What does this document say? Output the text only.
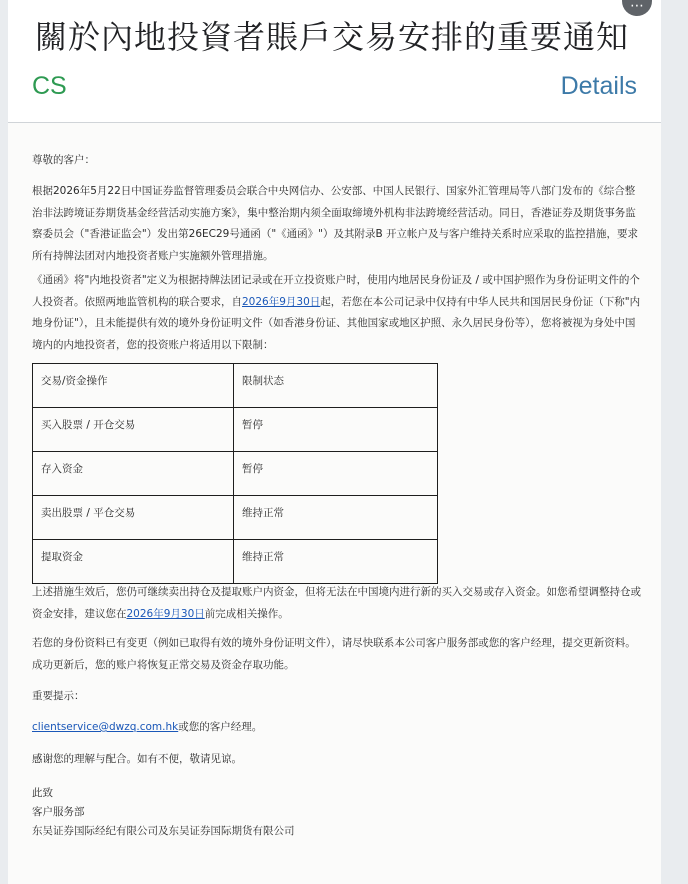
關於內地投資者賬戶交易安排的重要通知
CS	Details
⋯
尊敬的客户：
根据2026年5月22日中国证券监督管理委员会联合中央网信办、公安部、中国人民银行、国家外汇管理局等八部门发布的《综合整治非法跨境证券期货基金经营活动实施方案》，集中整治期内须全面取缔境外机构非法跨境经营活动。同日，香港证券及期货事务监察委员会（"香港证监会"）发出第26EC29号通函（"《通函》"）及其附录B 开立帐户及与客户维持关系时应采取的监控措施，要求所有持牌法团对内地投资者账户实施额外管理措施。
《通函》将"内地投资者"定义为根据持牌法团记录或在开立投资账户时，使用内地居民身份证及 / 或中国护照作为身份证明文件的个人投资者。依照两地监管机构的联合要求，自2026年9月30日起，若您在本公司记录中仅持有中华人民共和国居民身份证（下称"内地身份证"），且未能提供有效的境外身份证明文件（如香港身份证、其他国家或地区护照、永久居民身份等），您将被视为身处中国境内的内地投资者，您的投资账户将适用以下限制：
交易/资金操作	限制状态
买入股票 / 开仓交易	暂停
存入资金	暂停
卖出股票 / 平仓交易	维持正常
提取资金	维持正常
上述措施生效后，您仍可继续卖出持仓及提取账户内资金，但将无法在中国境内进行新的买入交易或存入资金。如您希望调整持仓或资金安排，建议您在2026年9月30日前完成相关操作。
若您的身份资料已有变更（例如已取得有效的境外身份证明文件），请尽快联系本公司客户服务部或您的客户经理，提交更新资料。成功更新后，您的账户将恢复正常交易及资金存取功能。
重要提示：
clientservice@dwzq.com.hk或您的客户经理。
感谢您的理解与配合。如有不便，敬请见谅。
此致
客户服务部
东吴证券国际经纪有限公司及东吴证券国际期货有限公司
